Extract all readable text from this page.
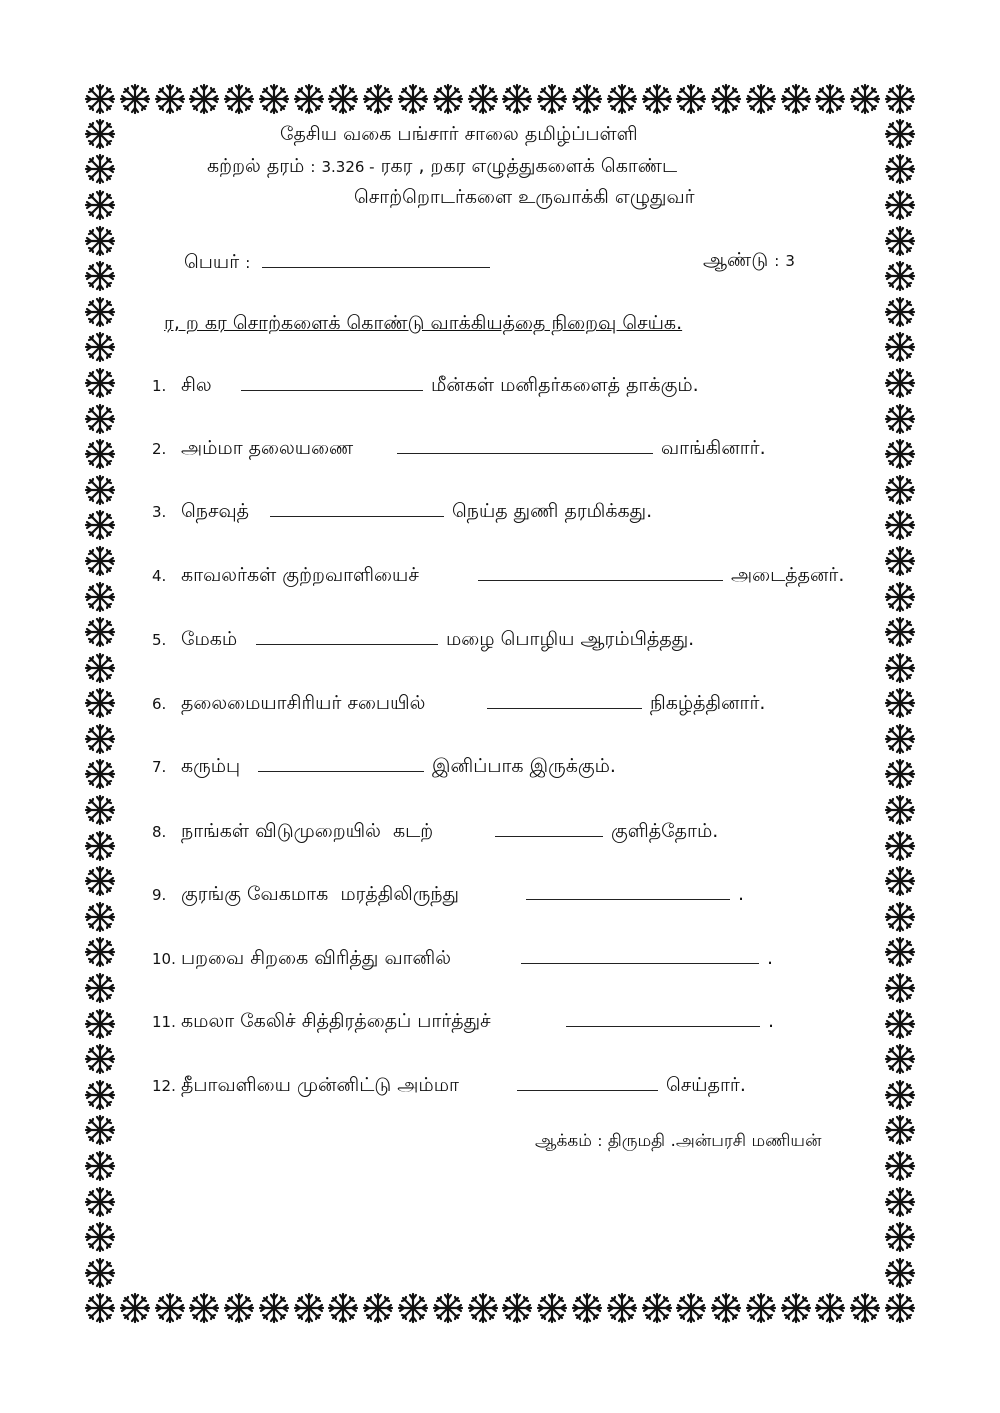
தேசிய வகை பங்சார் சாலை தமிழ்ப்பள்ளி
கற்றல் தரம் : 3.326 - ரகர , றகர எழுத்துகளைக் கொண்ட
சொற்றொடர்களை உருவாக்கி எழுதுவர்
பெயர் :	ஆண்டு : 3
ர, ற கர சொற்களைக் கொண்டு வாக்கியத்தை நிறைவு செய்க.
1. சில	மீன்கள் மனிதர்களைத் தாக்கும்.
2. அம்மா தலையணை	வாங்கினார்.
3. நெசவுத்	நெய்த துணி தரமிக்கது.
4. காவலர்கள் குற்றவாளியைச்	அடைத்தனர்.
5. மேகம்	மழை பொழிய ஆரம்பித்தது.
6. தலைமையாசிரியர் சபையில்	நிகழ்த்தினார்.
7. கரும்பு	இனிப்பாக இருக்கும்.
8. நாங்கள் விடுமுறையில்  கடற்	குளித்தோம்.
9. குரங்கு வேகமாக  மரத்திலிருந்து	.
10. பறவை சிறகை விரித்து வானில்	.
11. கமலா கேலிச் சித்திரத்தைப் பார்த்துச்	.
12. தீபாவளியை முன்னிட்டு அம்மா	செய்தார்.
ஆக்கம் : திருமதி .அன்பரசி மணியன்
